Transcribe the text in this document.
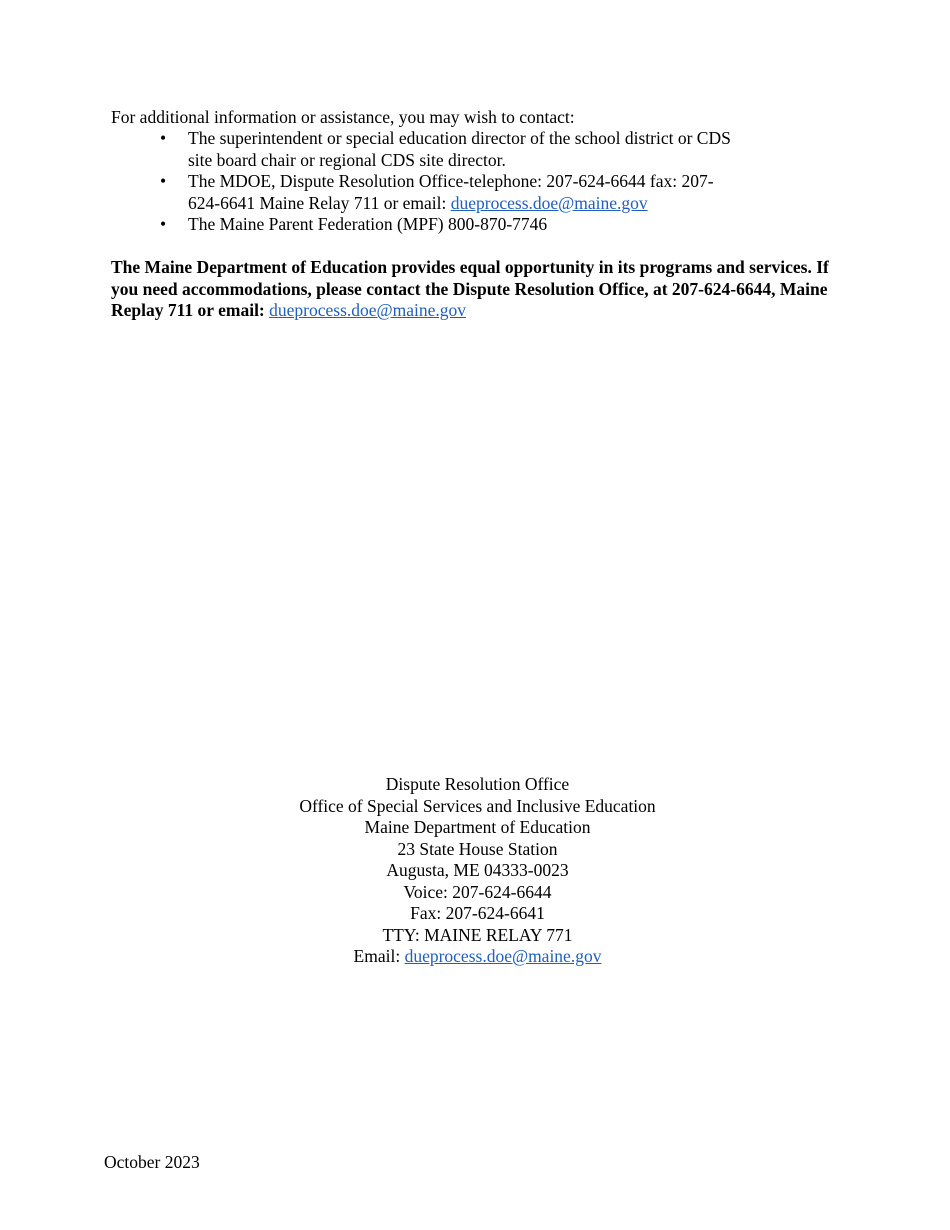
For additional information or assistance, you may wish to contact:

• The superintendent or special education director of the school district or CDS
site board chair or regional CDS site director.
• The MDOE, Dispute Resolution Office-telephone: 207-624-6644 fax: 207-
624-6641 Maine Relay 711 or email: dueprocess.doe@maine.gov
• The Maine Parent Federation (MPF) 800-870-7746

The Maine Department of Education provides equal opportunity in its programs and services. If you need accommodations, please contact the Dispute Resolution Office, at 207-624-6644, Maine Replay 711 or email: dueprocess.doe@maine.gov

Dispute Resolution Office
Office of Special Services and Inclusive Education
Maine Department of Education
23 State House Station
Augusta, ME 04333-0023
Voice: 207-624-6644
Fax: 207-624-6641
TTY: MAINE RELAY 771
Email: dueprocess.doe@maine.gov
October 2023
